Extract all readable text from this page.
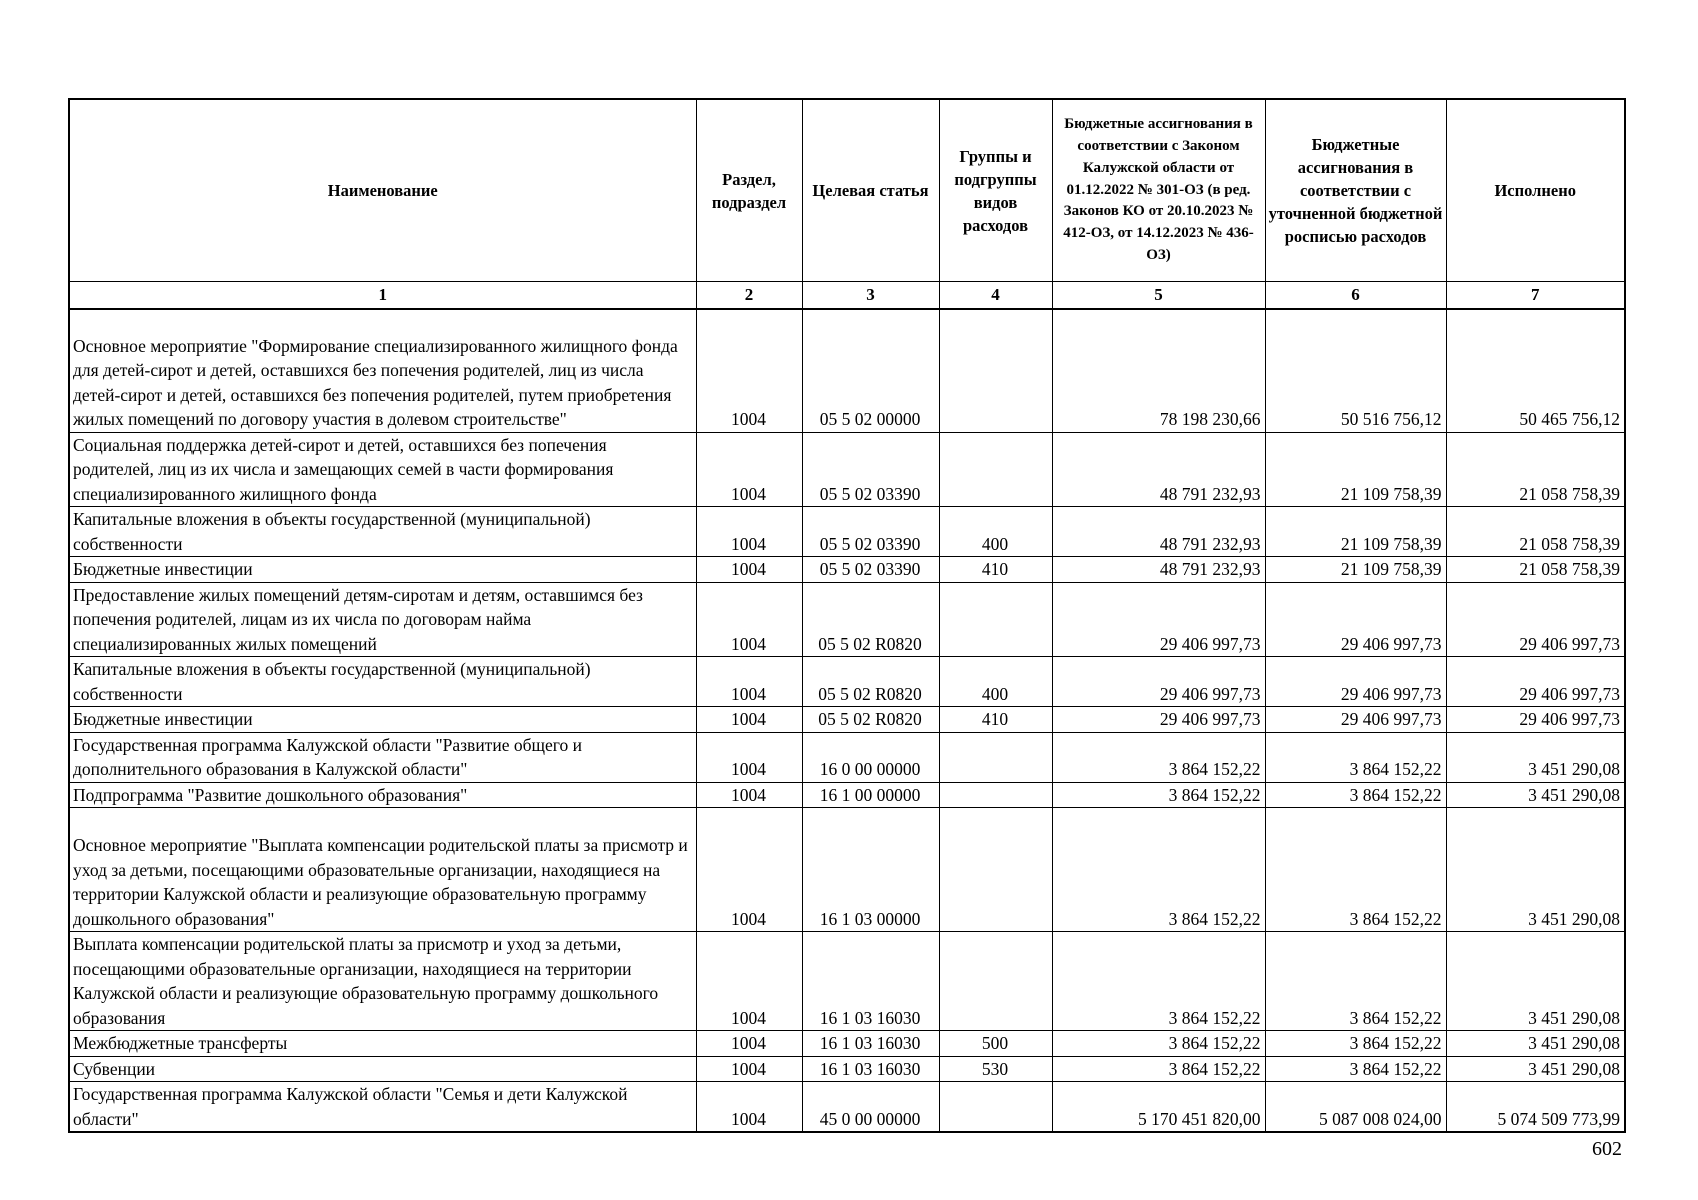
Наименование	Раздел, подраздел	Целевая статья	Группы и подгруппы видов расходов	Бюджетные ассигнования в соответствии с Законом Калужской области от 01.12.2022 № 301-ОЗ (в ред. Законов КО от 20.10.2023 № 412-ОЗ, от 14.12.2023 № 436-ОЗ)	Бюджетные ассигнования в соответствии с уточненной бюджетной росписью расходов	Исполнено
1	2	3	4	5	6	7
Основное мероприятие "Формирование специализированного жилищного фонда для детей-сирот и детей, оставшихся без попечения родителей, лиц из числа детей-сирот и детей, оставшихся без попечения родителей, путем приобретения жилых помещений по договору участия в долевом строительстве"	1004	05 5 02 00000		78 198 230,66	50 516 756,12	50 465 756,12
Социальная поддержка детей-сирот и детей, оставшихся без попечения родителей, лиц из их числа и замещающих семей в части формирования специализированного жилищного фонда	1004	05 5 02 03390		48 791 232,93	21 109 758,39	21 058 758,39
Капитальные вложения в объекты государственной (муниципальной) собственности	1004	05 5 02 03390	400	48 791 232,93	21 109 758,39	21 058 758,39
Бюджетные инвестиции	1004	05 5 02 03390	410	48 791 232,93	21 109 758,39	21 058 758,39
Предоставление жилых помещений детям-сиротам и детям, оставшимся без попечения родителей, лицам из их числа по договорам найма специализированных жилых помещений	1004	05 5 02 R0820		29 406 997,73	29 406 997,73	29 406 997,73
Капитальные вложения в объекты государственной (муниципальной) собственности	1004	05 5 02 R0820	400	29 406 997,73	29 406 997,73	29 406 997,73
Бюджетные инвестиции	1004	05 5 02 R0820	410	29 406 997,73	29 406 997,73	29 406 997,73
Государственная программа Калужской области "Развитие общего и дополнительного образования в Калужской области"	1004	16 0 00 00000		3 864 152,22	3 864 152,22	3 451 290,08
Подпрограмма "Развитие дошкольного образования"	1004	16 1 00 00000		3 864 152,22	3 864 152,22	3 451 290,08
Основное мероприятие "Выплата компенсации родительской платы за присмотр и уход за детьми, посещающими образовательные организации, находящиеся на территории Калужской области и реализующие образовательную программу дошкольного образования"	1004	16 1 03 00000		3 864 152,22	3 864 152,22	3 451 290,08
Выплата компенсации родительской платы за присмотр и уход за детьми, посещающими образовательные организации, находящиеся на территории Калужской области и реализующие образовательную программу дошкольного образования	1004	16 1 03 16030		3 864 152,22	3 864 152,22	3 451 290,08
Межбюджетные трансферты	1004	16 1 03 16030	500	3 864 152,22	3 864 152,22	3 451 290,08
Субвенции	1004	16 1 03 16030	530	3 864 152,22	3 864 152,22	3 451 290,08
Государственная программа Калужской области "Семья и дети Калужской области"	1004	45 0 00 00000		5 170 451 820,00	5 087 008 024,00	5 074 509 773,99
602
